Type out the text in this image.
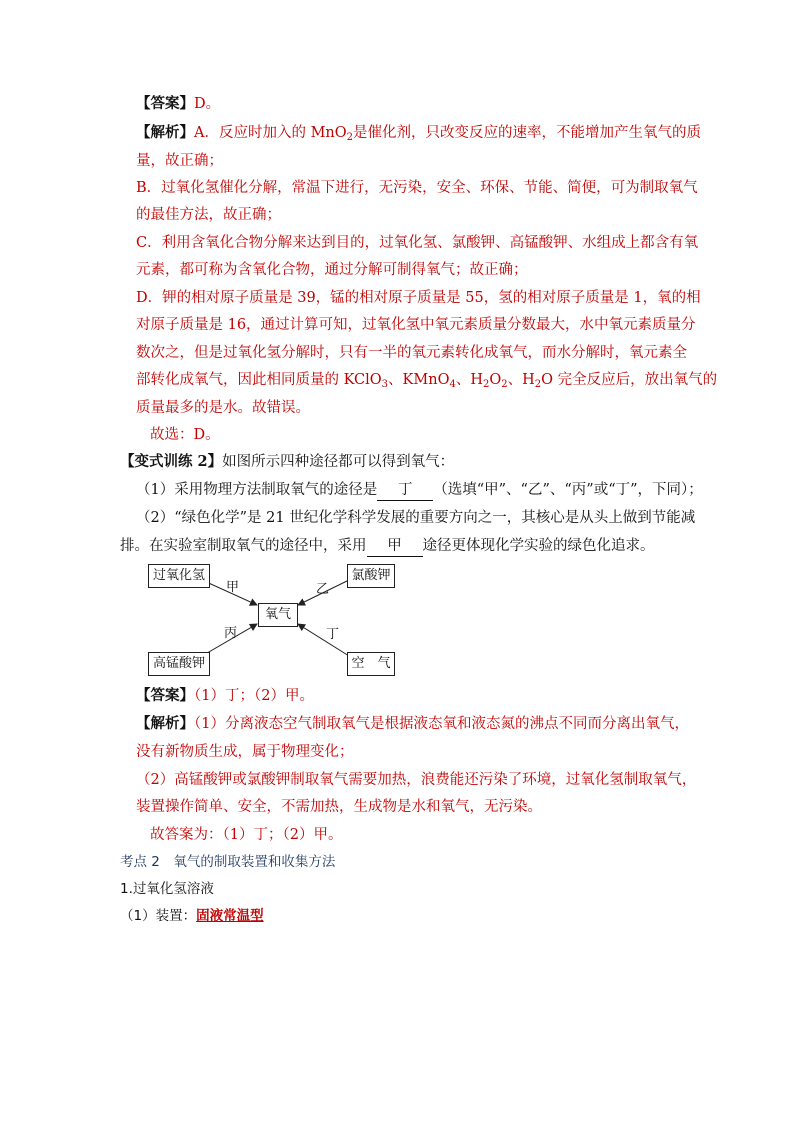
【答案】D。
【解析】A．反应时加入的 MnO$_2$是催化剂，只改变反应的速率，不能增加产生氧气的质
量，故正确；
B．过氧化氢催化分解，常温下进行，无污染，安全、环保、节能、简便，可为制取氧气
的最佳方法，故正确；
C．利用含氧化合物分解来达到目的，过氧化氢、氯酸钾、高锰酸钾、水组成上都含有氧
元素，都可称为含氧化合物，通过分解可制得氧气；故正确；
D．钾的相对原子质量是 39，锰的相对原子质量是 55，氢的相对原子质量是 1，氧的相
对原子质量是 16，通过计算可知，过氧化氢中氧元素质量分数最大，水中氧元素质量分
数次之，但是过氧化氢分解时，只有一半的氧元素转化成氧气，而水分解时，氧元素全
部转化成氧气，因此相同质量的 KClO$_3$、KMnO$_4$、$H_2O_2$、$H_2O$ 完全反应后，放出氧气的
质量最多的是水。故错误。
故选：D。
【变式训练 2】如图所示四种途径都可以得到氧气：
（1）采用物理方法制取氧气的途径是 丁 （选填“甲”、“乙”、“丙”或“丁”，下同）；
（2）“绿色化学”是 21 世纪化学科学发展的重要方向之一，其核心是从头上做到节能减
排。在实验室制取氧气的途径中，采用 甲 途径更体现化学实验的绿色化追求。
过氧化氢	氯酸钾
氧气
高锰酸钾	空　气
甲	乙
丙	丁
【答案】（1）丁；（2）甲。
【解析】（1）分离液态空气制取氧气是根据液态氧和液态氮的沸点不同而分离出氧气，
没有新物质生成，属于物理变化；
（2）高锰酸钾或氯酸钾制取氧气需要加热，浪费能还污染了环境，过氧化氢制取氧气，
装置操作简单、安全，不需加热，生成物是水和氧气，无污染。
故答案为：（1）丁；（2）甲。
考点 2　氧气的制取装置和收集方法
1.过氧化氢溶液
（1）装置：固液常温型
